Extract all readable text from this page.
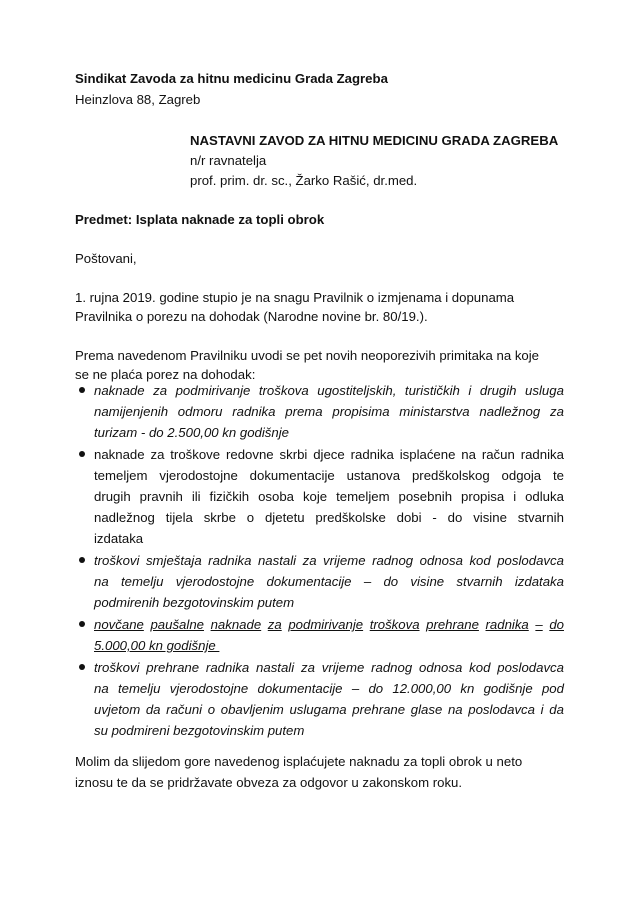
Sindikat Zavoda za hitnu medicinu Grada Zagreba
Heinzlova 88, Zagreb
NASTAVNI ZAVOD ZA HITNU MEDICINU GRADA ZAGREBA
n/r ravnatelja
prof. prim. dr. sc., Žarko Rašić, dr.med.
Predmet: Isplata naknade za topli obrok
Poštovani,
1. rujna 2019. godine stupio je na snagu Pravilnik o izmjenama i dopunama
Pravilnika o porezu na dohodak (Narodne novine br. 80/19.).
Prema navedenom Pravilniku uvodi se pet novih neoporezivih primitaka na koje
se ne plaća porez na dohodak:
naknade za podmirivanje troškova ugostiteljskih, turističkih i drugih usluga
namijenjenih odmoru radnika prema propisima ministarstva nadležnog za
turizam - do 2.500,00 kn godišnje
naknade za troškove redovne skrbi djece radnika isplaćene na račun radnika
temeljem vjerodostojne dokumentacije ustanova predškolskog odgoja te
drugih pravnih ili fizičkih osoba koje temeljem posebnih propisa i odluka
nadležnog tijela skrbe o djetetu predškolske dobi - do visine stvarnih
izdataka
troškovi smještaja radnika nastali za vrijeme radnog odnosa kod poslodavca
na temelju vjerodostojne dokumentacije – do visine stvarnih izdataka
podmirenih bezgotovinskim putem
novčane paušalne naknade za podmirivanje troškova prehrane radnika – do
5.000,00 kn godišnje
troškovi prehrane radnika nastali za vrijeme radnog odnosa kod poslodavca
na temelju vjerodostojne dokumentacije – do 12.000,00 kn godišnje pod
uvjetom da računi o obavljenim uslugama prehrane glase na poslodavca i da
su podmireni bezgotovinskim putem
Molim da slijedom gore navedenog isplaćujete naknadu za topli obrok u neto
iznosu te da se pridržavate obveza za odgovor u zakonskom roku.
